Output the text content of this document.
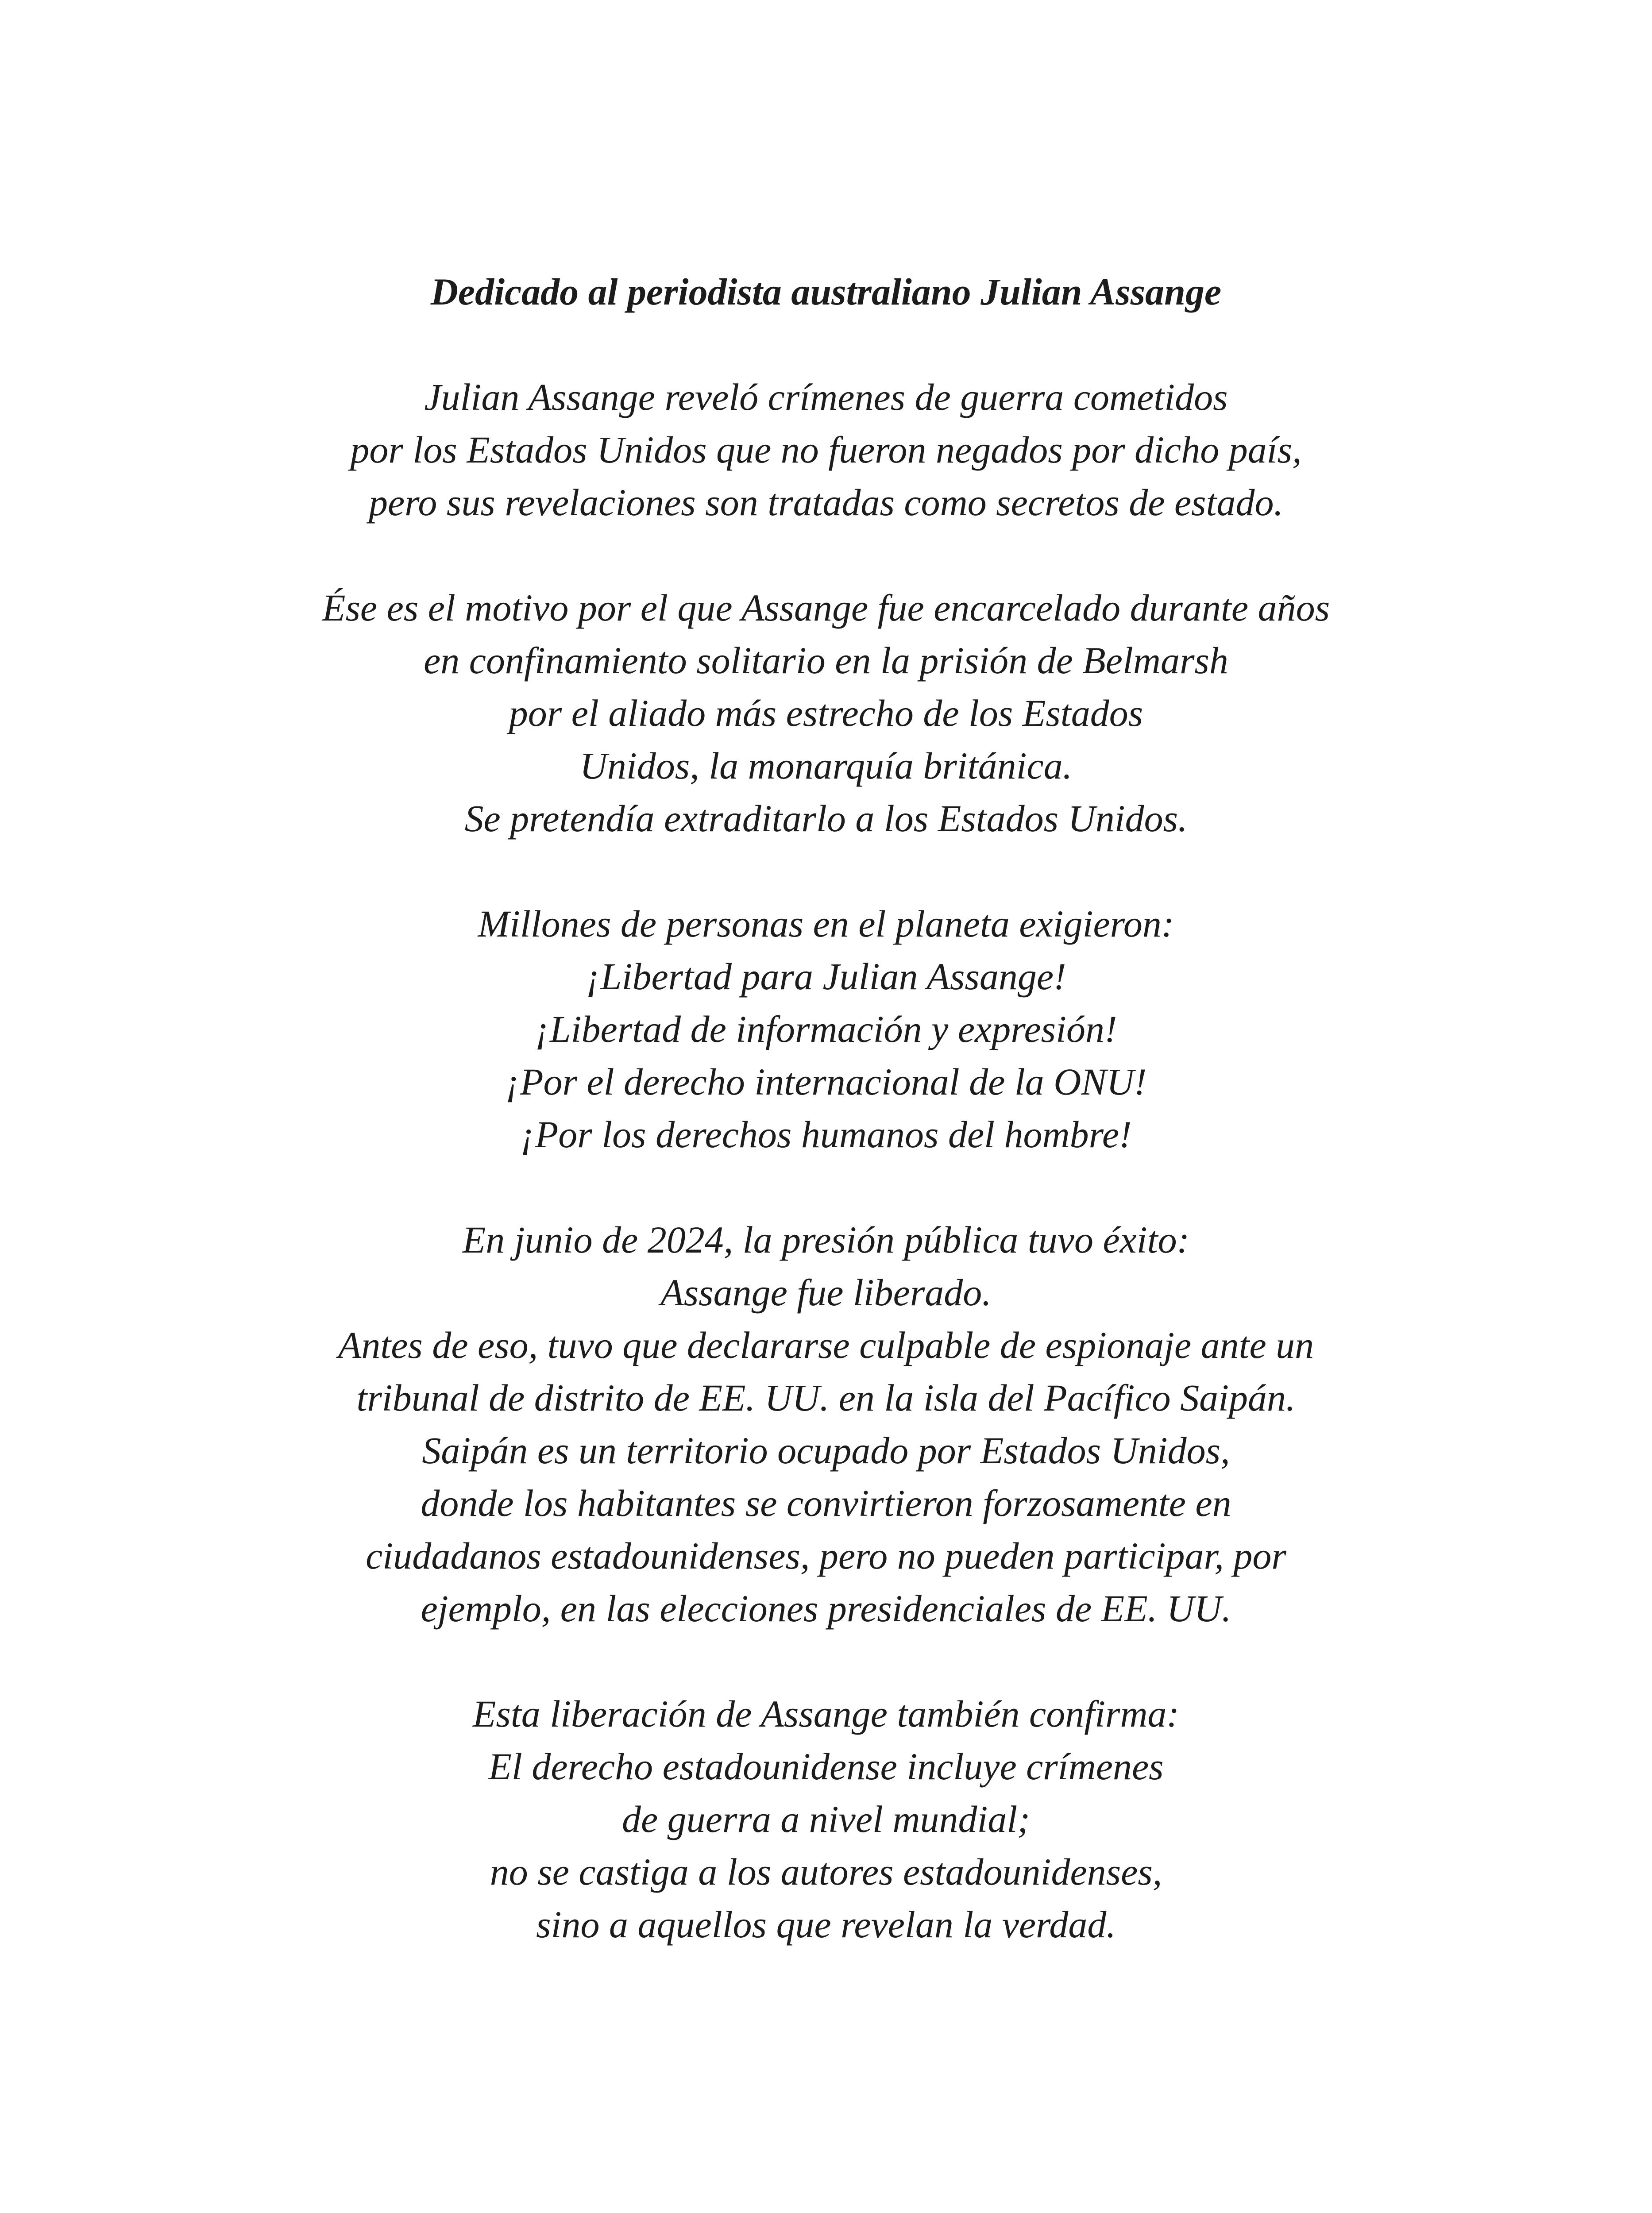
Dedicado al periodista australiano Julian Assange
Julian Assange reveló crímenes de guerra cometidos
por los Estados Unidos que no fueron negados por dicho país,
pero sus revelaciones son tratadas como secretos de estado.
Ése es el motivo por el que Assange fue encarcelado durante años
en confinamiento solitario en la prisión de Belmarsh
por el aliado más estrecho de los Estados
Unidos, la monarquía británica.
Se pretendía extraditarlo a los Estados Unidos.
Millones de personas en el planeta exigieron:
¡Libertad para Julian Assange!
¡Libertad de información y expresión!
¡Por el derecho internacional de la ONU!
¡Por los derechos humanos del hombre!
En junio de 2024, la presión pública tuvo éxito:
Assange fue liberado.
Antes de eso, tuvo que declararse culpable de espionaje ante un
tribunal de distrito de EE. UU. en la isla del Pacífico Saipán.
Saipán es un territorio ocupado por Estados Unidos,
donde los habitantes se convirtieron forzosamente en
ciudadanos estadounidenses, pero no pueden participar, por
ejemplo, en las elecciones presidenciales de EE. UU.
Esta liberación de Assange también confirma:
El derecho estadounidense incluye crímenes
de guerra a nivel mundial;
no se castiga a los autores estadounidenses,
sino a aquellos que revelan la verdad.
